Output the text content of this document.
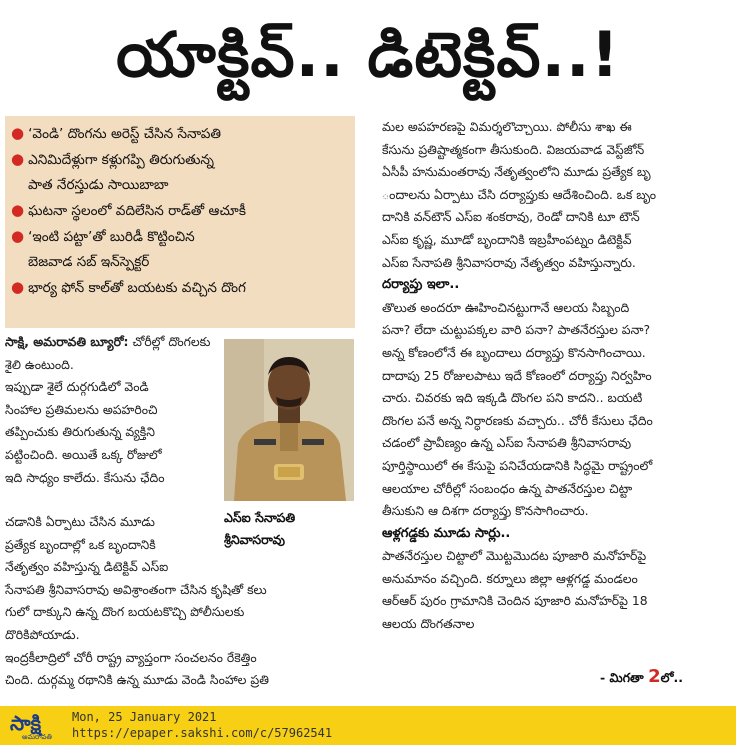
యాక్టివ్.. డిటెక్టివ్..!
● ‘వెండి’ దొంగను అరెస్ట్‌ చేసిన సేనాపతి
● ఎనిమిదేళ్లుగా కళ్లుగప్పి తిరుగుతున్న
పాత నేరస్తుడు సాయిబాబా
● ఘటనా స్థలంలో వదిలేసిన రాడ్‌తో ఆచూకీ
● ‘ఇంటి పట్టా’తో బురిడీ కొట్టించిన
బెజవాడ సబ్‌ ఇన్‌స్పెక్టర్‌
● భార్య ఫోన్‌ కాల్‌తో బయటకు వచ్చిన దొంగ

సాక్షి, అమరావతి బ్యూరో: చోరీల్లో దొంగలకు శైలి ఉంటుంది.

ఇప్పుడా శైలే దుర్గగుడిలో వెండి

సింహాల ప్రతిమలను అపహరించి

తప్పించుకు తిరుగుతున్న వ్యక్తిని

పట్టించింది. అయితే ఒక్క రోజులో

ఇది సాధ్యం కాలేదు. కేసును ఛేదిం

ఎస్‌ఐ సేనాపతి
శ్రీనివాసరావు

చడానికి ఏర్పాటు చేసిన మూడు

ప్రత్యేక బృందాల్లో ఒక బృందానికి

నేతృత్వం వహిస్తున్న డిటెక్టివ్‌ ఎస్‌ఐ

సేనాపతి శ్రీనివాసరావు అవిశ్రాంతంగా చేసిన కృషితో కలు

గులో దాక్కుని ఉన్న దొంగ బయటకొచ్చి పోలీసులకు

దొరికిపోయాడు.

ఇంద్రకీలాద్రిలో చోరీ రాష్ట్ర వ్యాప్తంగా సంచలనం రేకెత్తిం

చింది. దుర్గమ్మ రథానికి ఉన్న మూడు వెండి సింహాల ప్రతి

మల అపహరణపై విమర్శలొచ్చాయి. పోలీసు శాఖ ఈ

కేసును ప్రతిష్టాత్మకంగా తీసుకుంది. విజయవాడ వెస్ట్‌జోన్‌

ఏసీపీ హనుమంతరావు నేతృత్వంలోని మూడు ప్రత్యేక బృ

ందాలను ఏర్పాటు చేసి దర్యాప్తుకు ఆదేశించింది. ఒక బృం

దానికి వన్‌టౌన్‌ ఎస్‌ఐ శంకరావు, రెండో దానికి టూ టౌన్‌

ఎస్‌ఐ కృష్ణ, మూడో బృందానికి ఇబ్రహీంపట్నం డిటెక్టివ్‌

ఎస్‌ఐ సేనాపతి శ్రీనివాసరావు నేతృత్వం వహిస్తున్నారు.

దర్యాప్తు ఇలా..

తొలుత అందరూ ఊహించినట్టుగానే ఆలయ సిబ్బంది

పనా? లేదా చుట్టుపక్కల వారి పనా? పాతనేరస్తుల పనా?

అన్న కోణంలోనే ఈ బృందాలు దర్యాప్తు కొనసాగించాయి.

దాదాపు 25 రోజులపాటు ఇదే కోణంలో దర్యాప్తు నిర్వహిం

చారు. చివరకు ఇది ఇక్కడి దొంగల పని కాదని.. బయటి

దొంగల పనే అన్న నిర్ధారణకు వచ్చారు.. చోరీ కేసులు ఛేదిం

చడంలో ప్రావీణ్యం ఉన్న ఎస్‌ఐ సేనాపతి శ్రీనివాసరావు

పూర్తిస్థాయిలో ఈ కేసుపై పనిచేయడానికి సిద్ధమై రాష్ట్రంలో

ఆలయాల చోరీల్లో సంబంధం ఉన్న పాతనేరస్తుల చిట్టా

తీసుకుని ఆ దిశగా దర్యాప్తు కొనసాగించారు.

ఆళ్లగడ్డకు మూడు సార్లు..

పాతనేరస్తుల చిట్టాలో మొట్టమొదట పూజారి మనోహర్‌పై

అనుమానం వచ్చింది. కర్నూలు జిల్లా ఆళ్లగడ్డ మండలం

ఆర్‌ఆర్‌ పురం గ్రామానికి చెందిన పూజారి మనోహర్‌పై 18

ఆలయ దొంగతనాల

- మిగతా 2లో..
సాక్షి
అమరావతి
Mon, 25 January 2021
https://epaper.sakshi.com/c/57962541
